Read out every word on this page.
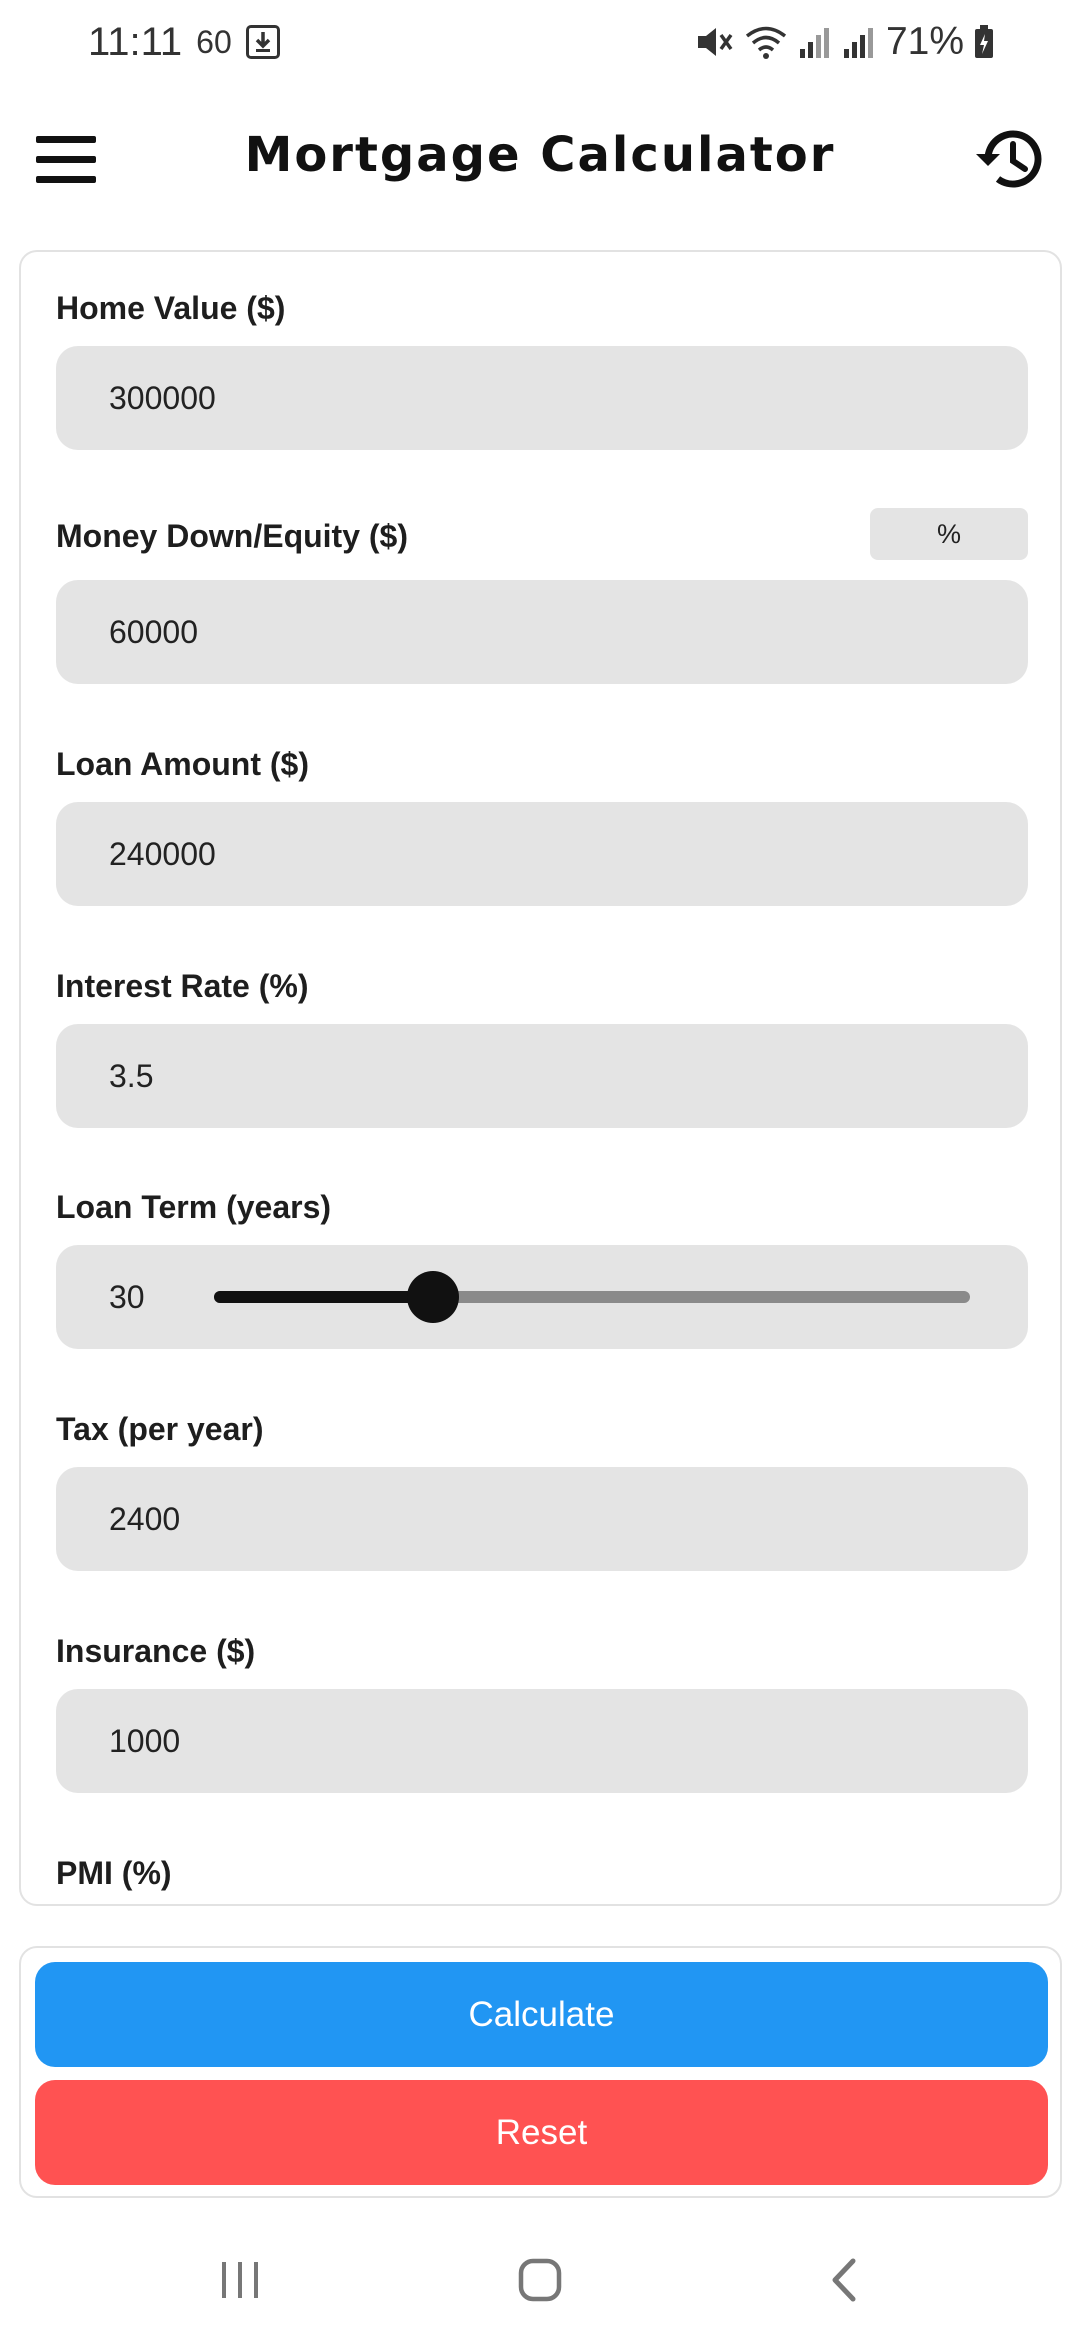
11:11 60	71%
Mortgage Calculator
Home Value ($)
300000
Money Down/Equity ($)	%
60000
Loan Amount ($)
240000
Interest Rate (%)
3.5
Loan Term (years)
30
Tax (per year)
2400
Insurance ($)
1000
PMI (%)
Calculate
Reset
